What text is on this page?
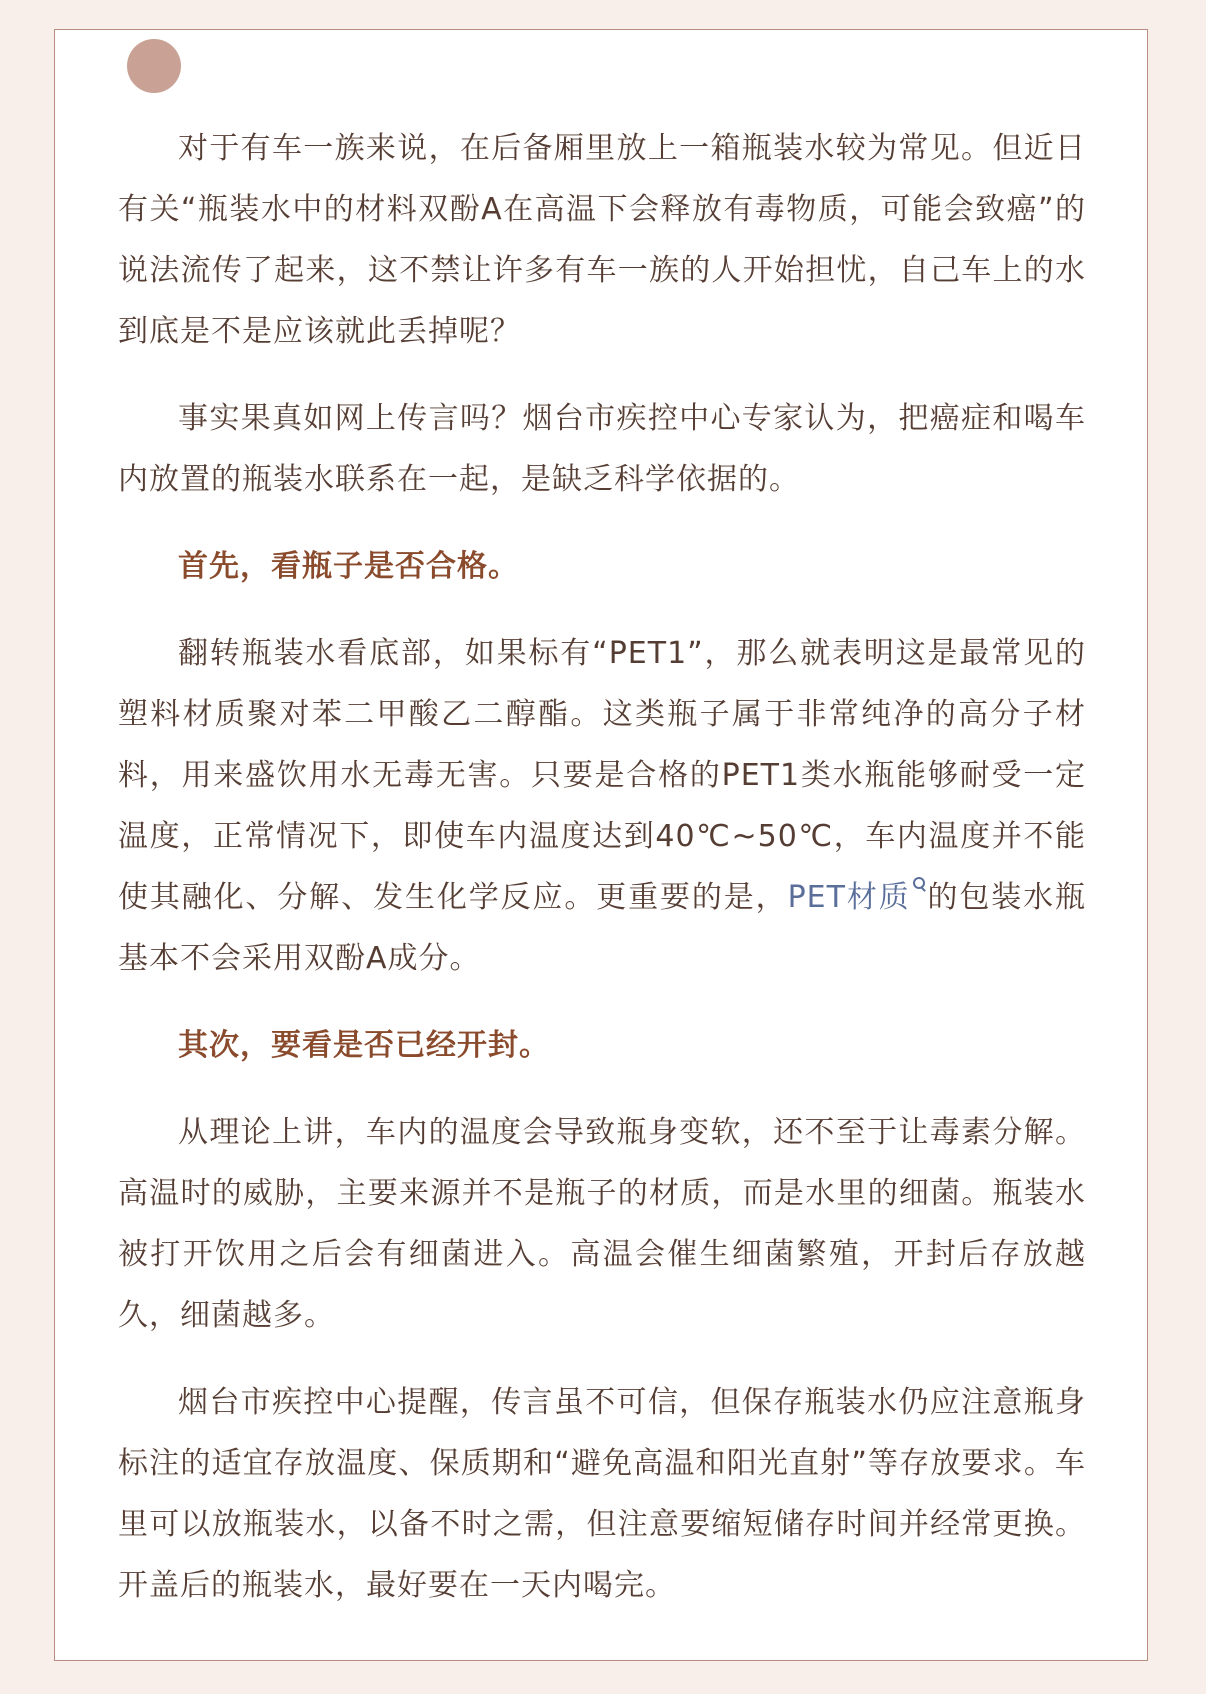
对于有车一族来说，在后备厢里放上一箱瓶装水较为常见。但近日有关“瓶装水中的材料双酚A在高温下会释放有毒物质，可能会致癌”的说法流传了起来，这不禁让许多有车一族的人开始担忧，自己车上的水到底是不是应该就此丢掉呢？

事实果真如网上传言吗？烟台市疾控中心专家认为，把癌症和喝车内放置的瓶装水联系在一起，是缺乏科学依据的。

首先，看瓶子是否合格。

翻转瓶装水看底部，如果标有“PET1”，那么就表明这是最常见的塑料材质聚对苯二甲酸乙二醇酯。这类瓶子属于非常纯净的高分子材料，用来盛饮用水无毒无害。只要是合格的PET1类水瓶能够耐受一定温度，正常情况下，即使车内温度达到40℃~50℃，车内温度并不能使其融化、分解、发生化学反应。更重要的是，PET材质 的包装水瓶基本不会采用双酚A成分。

其次，要看是否已经开封。

从理论上讲，车内的温度会导致瓶身变软，还不至于让毒素分解。高温时的威胁，主要来源并不是瓶子的材质，而是水里的细菌。瓶装水被打开饮用之后会有细菌进入。高温会催生细菌繁殖，开封后存放越久，细菌越多。

烟台市疾控中心提醒，传言虽不可信，但保存瓶装水仍应注意瓶身标注的适宜存放温度、保质期和“避免高温和阳光直射”等存放要求。车里可以放瓶装水，以备不时之需，但注意要缩短储存时间并经常更换。开盖后的瓶装水，最好要在一天内喝完。
